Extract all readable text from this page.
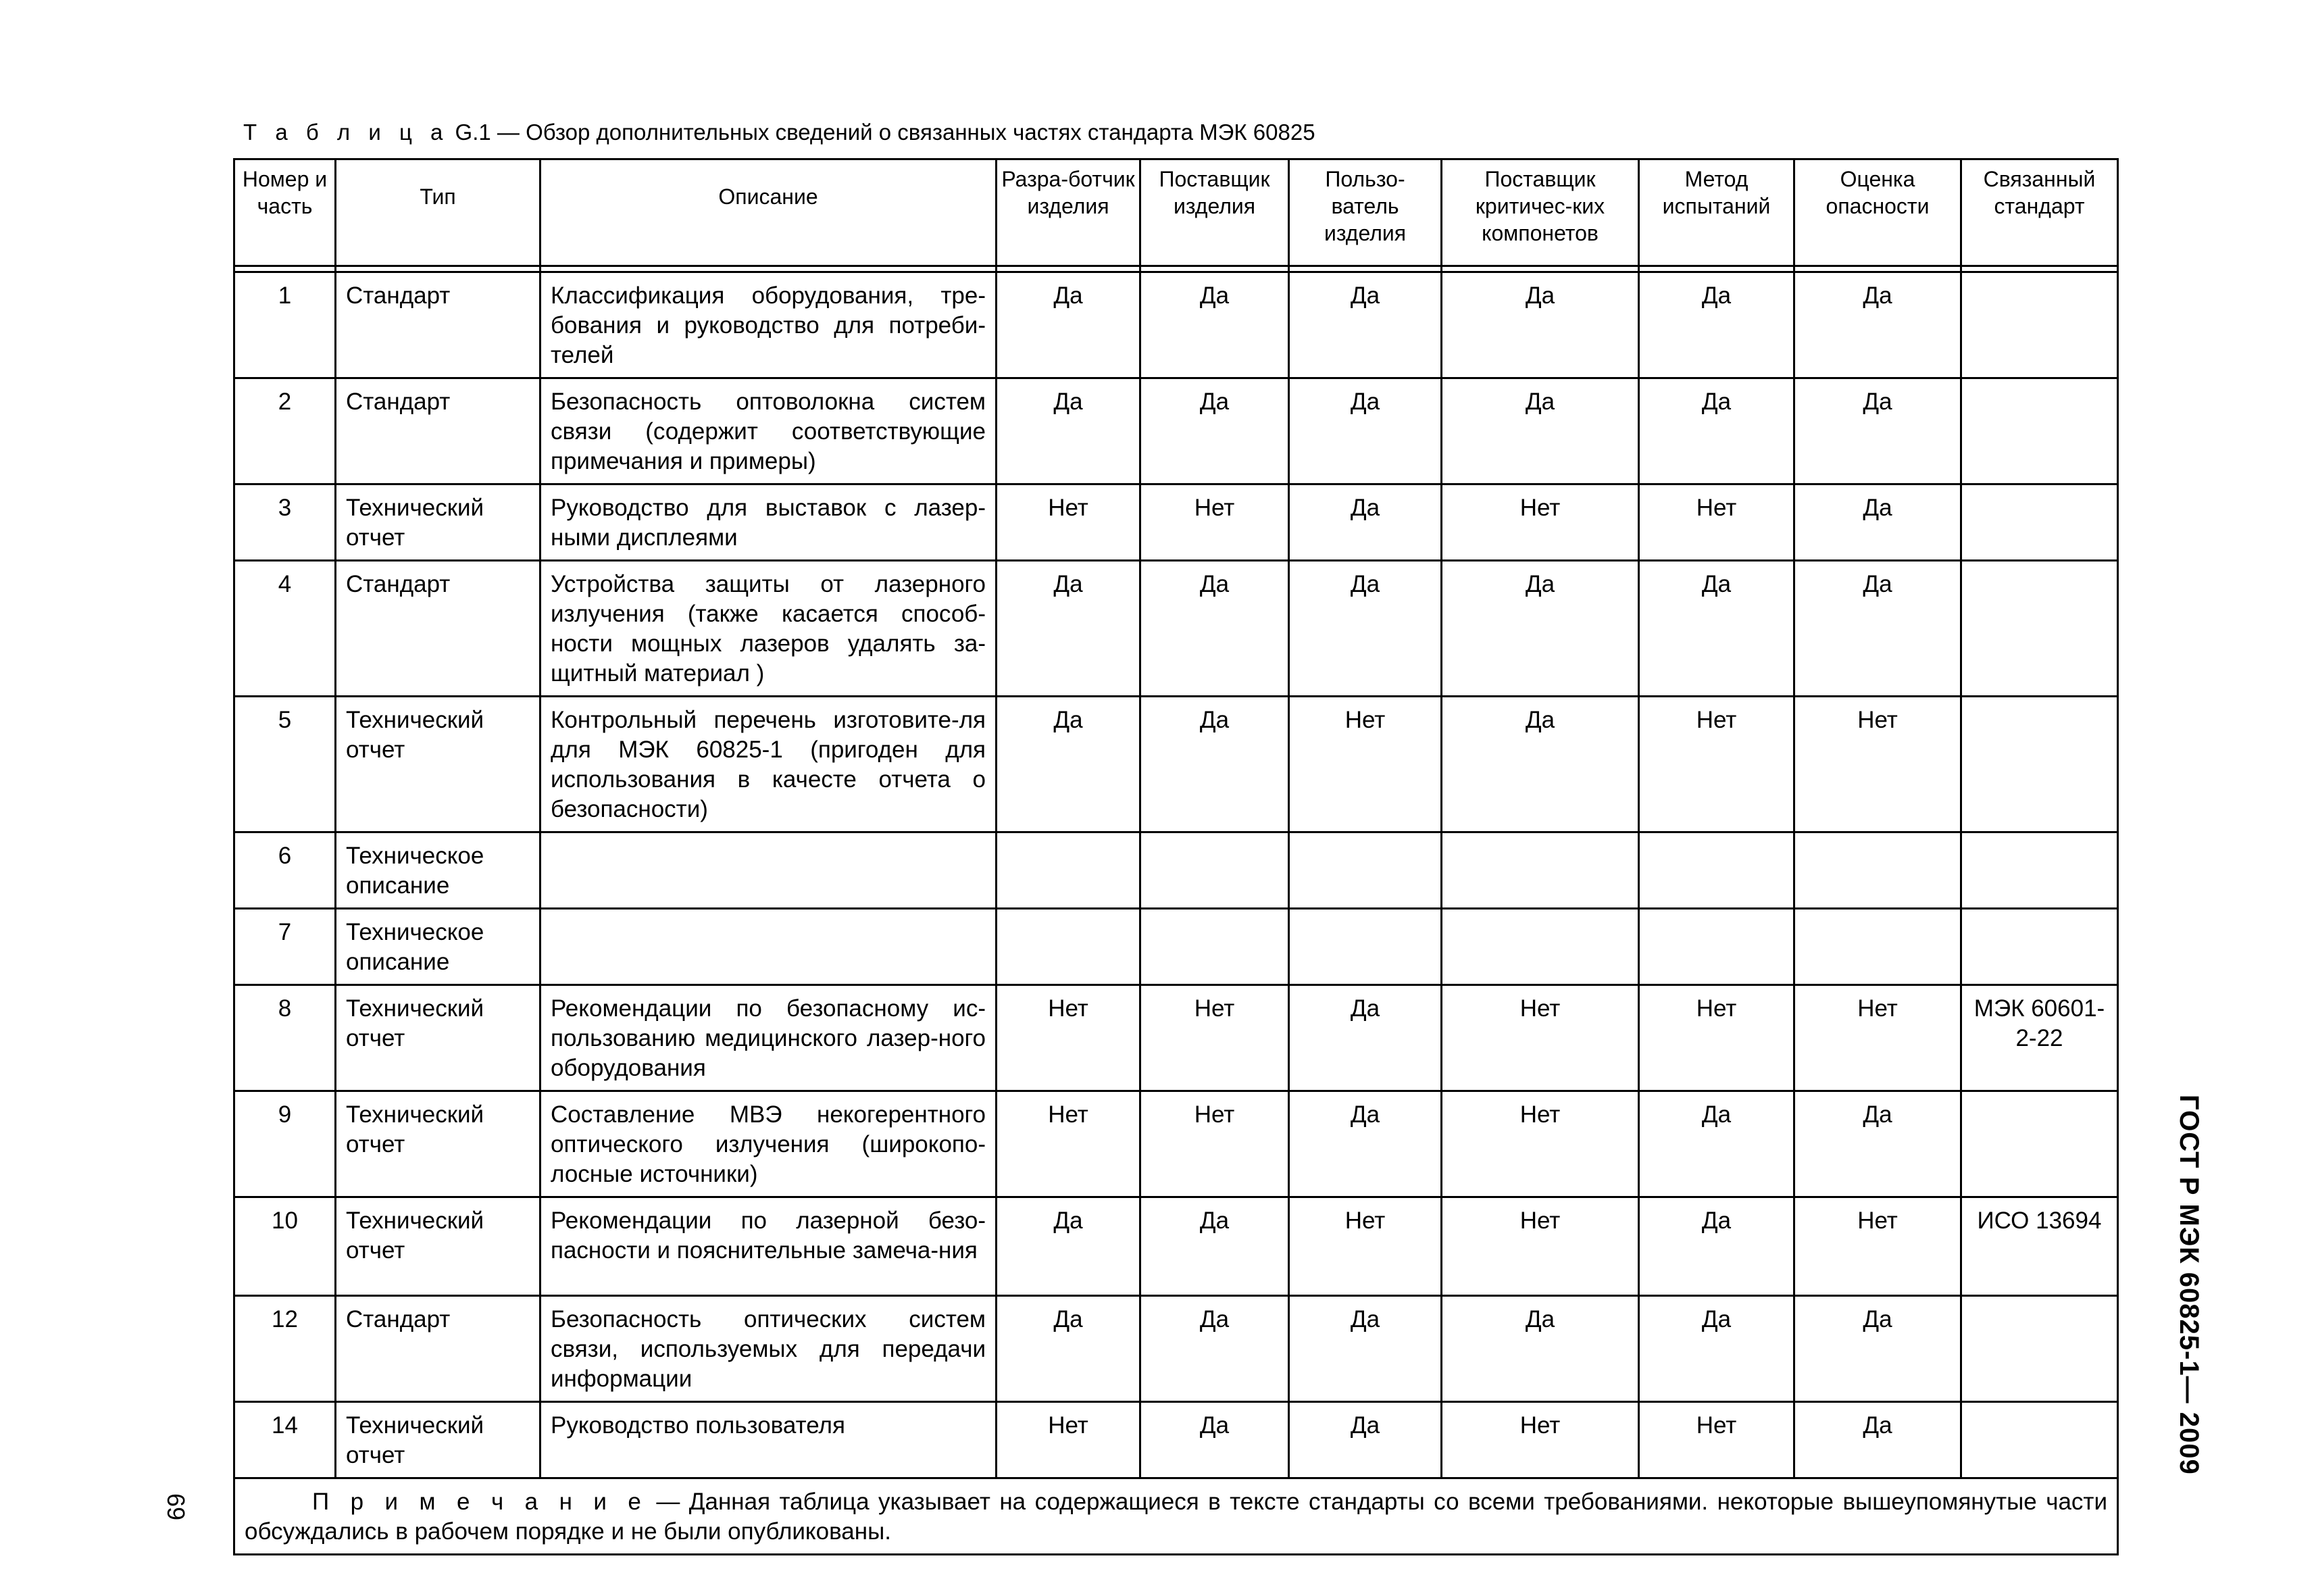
Т а б л и ц а G.1 — Обзор дополнительных сведений о связанных частях стандарта МЭК 60825
Номер и часть	Тип	Описание	Разра-ботчик изделия	Поставщик изделия	Пользо-ватель изделия	Поставщик критичес-ких компонетов	Метод испытаний	Оценка опасности	Связанный стандарт

1	Стандарт	Классификация оборудования, тре-бования и руководство для потреби-телей	Да	Да	Да	Да	Да	Да	
2	Стандарт	Безопасность оптоволокна систем связи (содержит соответствующие примечания и примеры)	Да	Да	Да	Да	Да	Да	
3	Технический отчет	Руководство для выставок с лазер-ными дисплеями	Нет	Нет	Да	Нет	Нет	Да	
4	Стандарт	Устройства защиты от лазерного излучения (также касается способ-ности мощных лазеров удалять за-щитный материал )	Да	Да	Да	Да	Да	Да	
5	Технический отчет	Контрольный перечень изготовите-ля для МЭК 60825-1 (пригоден для использования в качесте отчета о безопасности)	Да	Да	Нет	Да	Нет	Нет	
6	Техническое описание								
7	Техническое описание								
8	Технический отчет	Рекомендации по безопасному ис-пользованию медицинского лазер-ного оборудования	Нет	Нет	Да	Нет	Нет	Нет	МЭК 60601-2-22
9	Технический отчет	Составление МВЭ некогерентного оптического излучения (широкопо-лосные источники)	Нет	Нет	Да	Нет	Да	Да	
10	Технический отчет	Рекомендации по лазерной безо-пасности и пояснительные замеча-ния	Да	Да	Нет	Нет	Да	Нет	ИСО 13694
12	Стандарт	Безопасность оптических систем связи, используемых для передачи информации	Да	Да	Да	Да	Да	Да	
14	Технический отчет	Руководство пользователя	Нет	Да	Да	Нет	Нет	Да	
П р и м е ч а н и е — Данная таблица указывает на содержащиеся в тексте стандарты со всеми требованиями. некоторые вышеупомянутые части обсуждались в рабочем порядке и не были опубликованы.									
ГОСТ Р МЭК 60825-1— 2009
69
